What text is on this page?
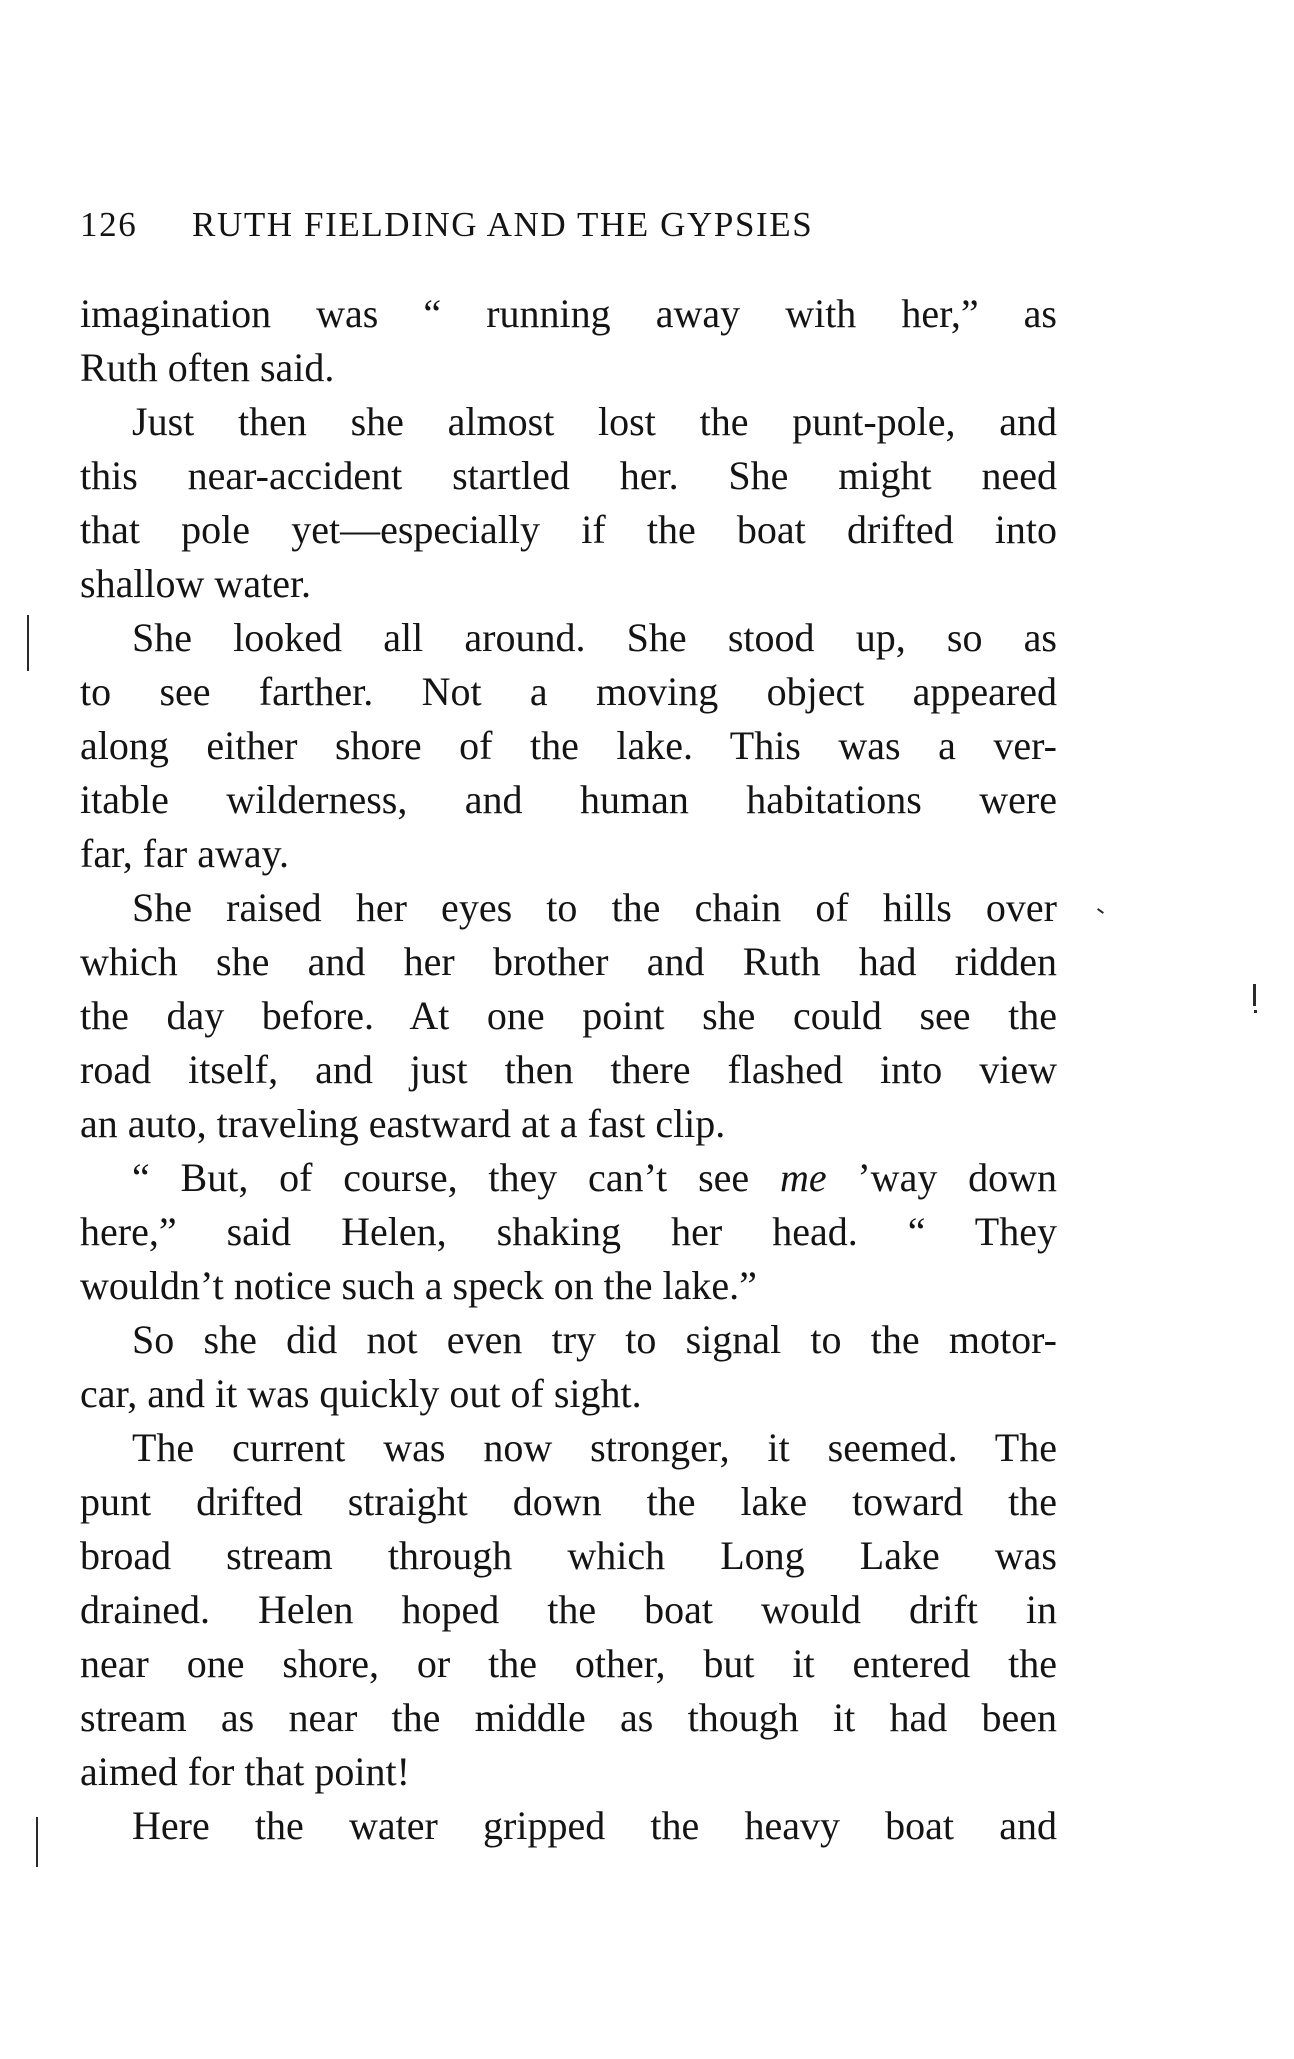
126 RUTH FIELDING AND THE GYPSIES
imagination was “ running away with her,” as
Ruth often said.
Just then she almost lost the punt-pole, and
this near-accident startled her. She might need
that pole yet—especially if the boat drifted into
shallow water.
She looked all around. She stood up, so as
to see farther. Not a moving object appeared
along either shore of the lake. This was a ver-
itable wilderness, and human habitations were
far, far away.
She raised her eyes to the chain of hills over
which she and her brother and Ruth had ridden
the day before. At one point she could see the
road itself, and just then there flashed into view
an auto, traveling eastward at a fast clip.
“ But, of course, they can’t see me ’way down
here,” said Helen, shaking her head. “ They
wouldn’t notice such a speck on the lake.”
So she did not even try to signal to the motor-
car, and it was quickly out of sight.
The current was now stronger, it seemed. The
punt drifted straight down the lake toward the
broad stream through which Long Lake was
drained. Helen hoped the boat would drift in
near one shore, or the other, but it entered the
stream as near the middle as though it had been
aimed for that point!
Here the water gripped the heavy boat and
